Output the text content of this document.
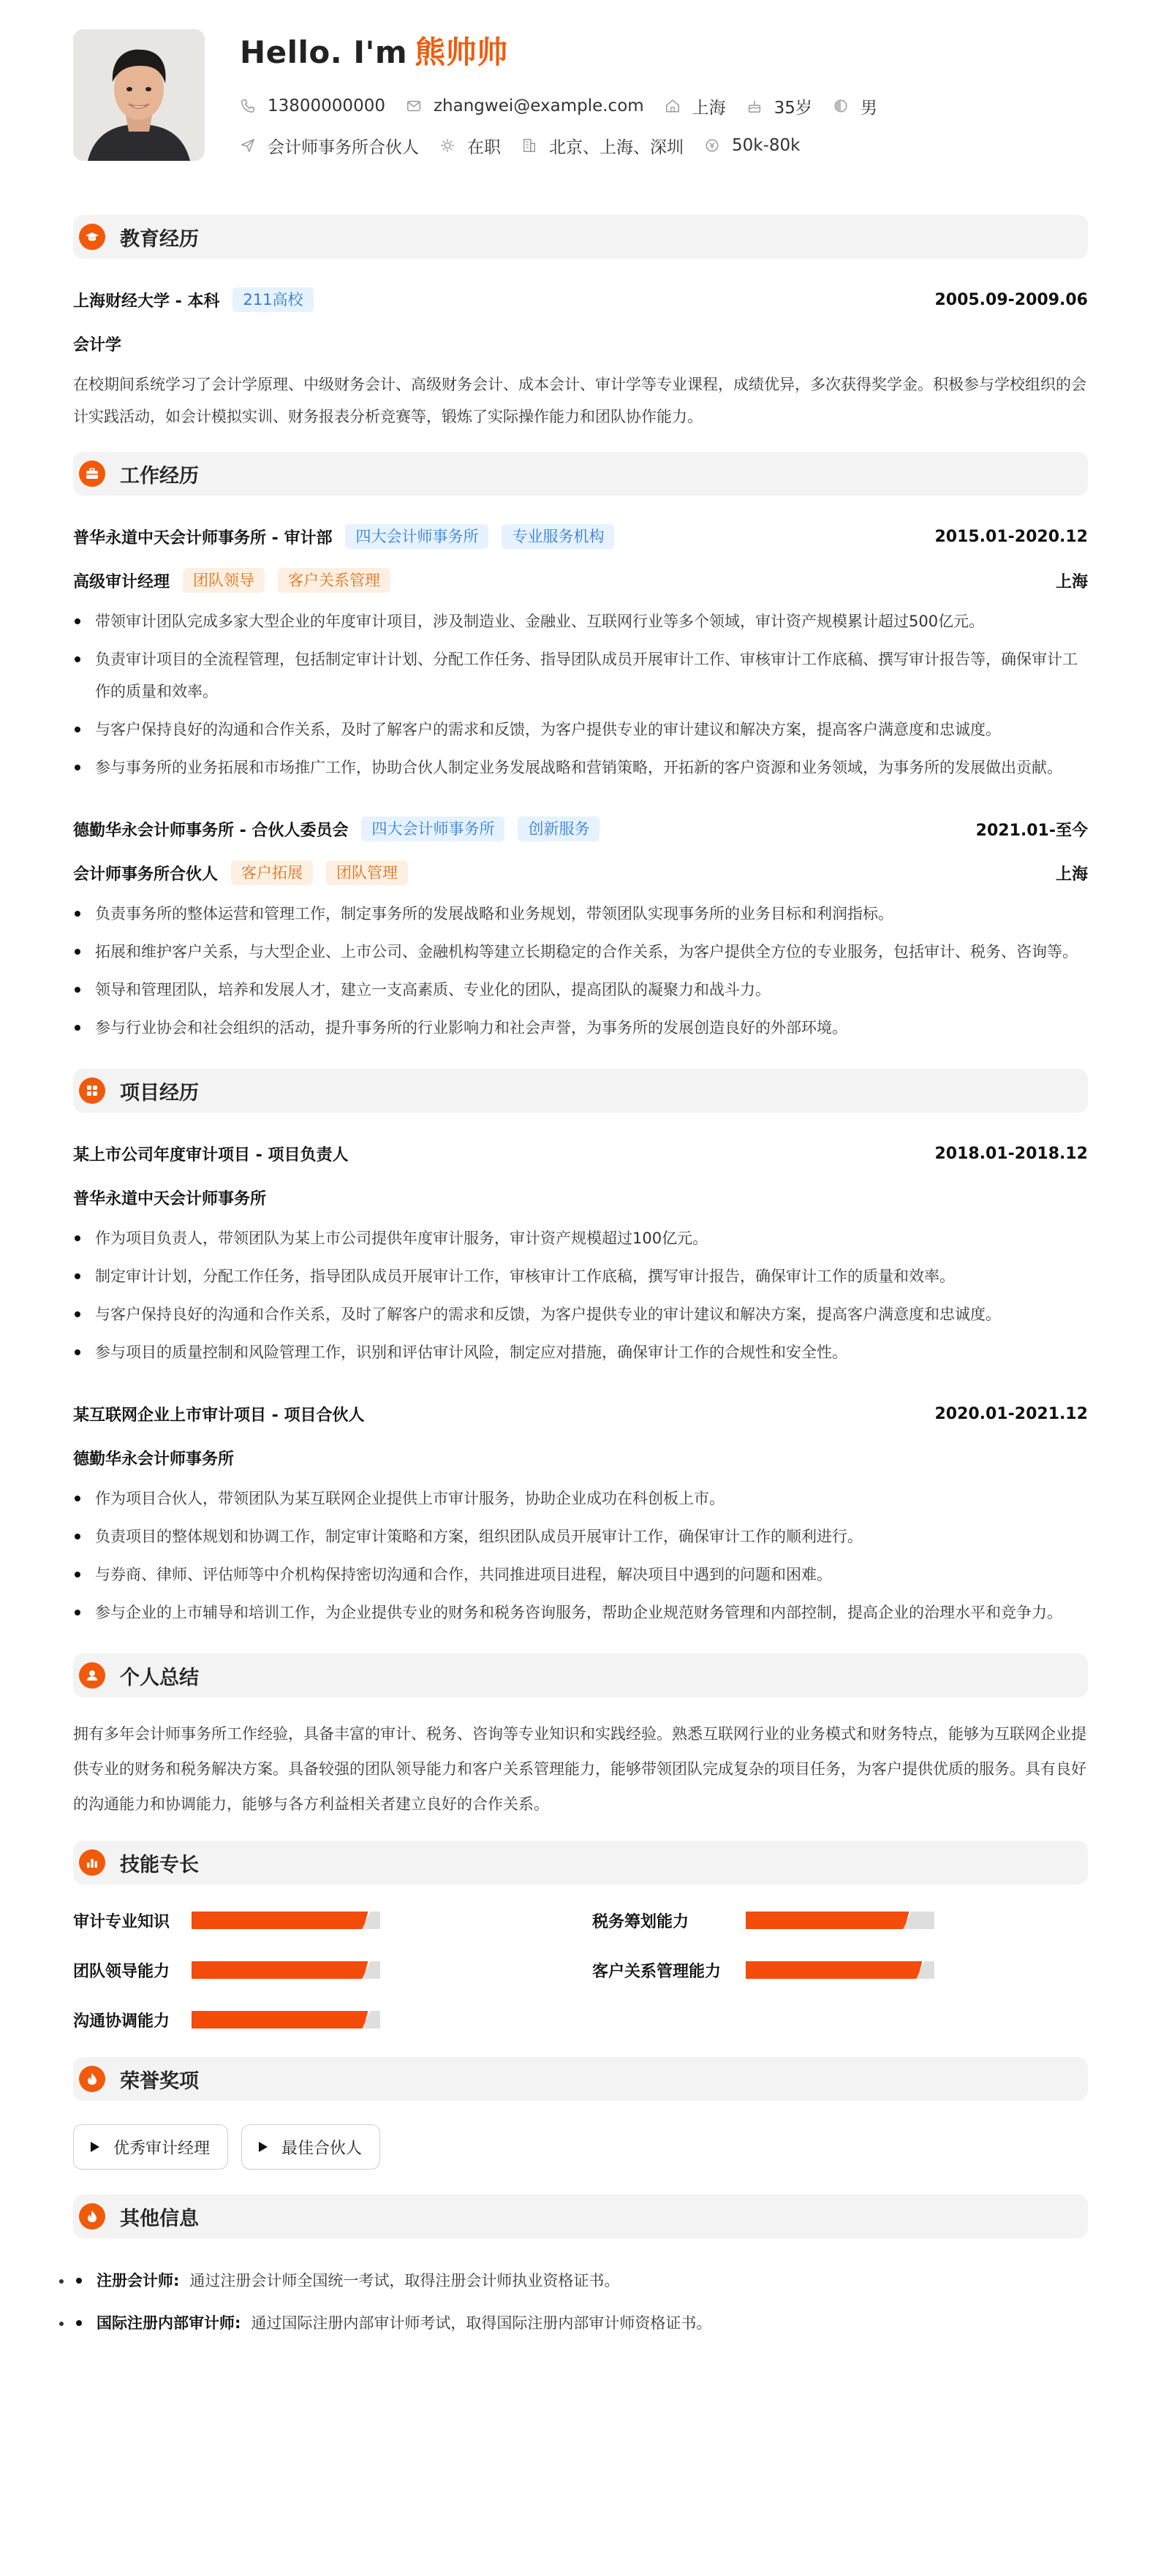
Hello. I'm 熊帅帅
13800000000	zhangwei@example.com	上海	35岁	男
会计师事务所合伙人	在职	北京、上海、深圳	50k-80k
教育经历
上海财经大学 - 本科	211高校	2005.09-2009.06
会计学

在校期间系统学习了会计学原理、中级财务会计、高级财务会计、成本会计、审计学等专业课程，成绩优异，多次获得奖学金。积极参与学校组织的会计实践活动，如会计模拟实训、财务报表分析竞赛等，锻炼了实际操作能力和团队协作能力。

工作经历
普华永道中天会计师事务所 - 审计部	四大会计师事务所	专业服务机构	2015.01-2020.12
高级审计经理	团队领导	客户关系管理	上海
带领审计团队完成多家大型企业的年度审计项目，涉及制造业、金融业、互联网行业等多个领域，审计资产规模累计超过500亿元。
负责审计项目的全流程管理，包括制定审计计划、分配工作任务、指导团队成员开展审计工作、审核审计工作底稿、撰写审计报告等，确保审计工作的质量和效率。
与客户保持良好的沟通和合作关系，及时了解客户的需求和反馈，为客户提供专业的审计建议和解决方案，提高客户满意度和忠诚度。
参与事务所的业务拓展和市场推广工作，协助合伙人制定业务发展战略和营销策略，开拓新的客户资源和业务领域，为事务所的发展做出贡献。
德勤华永会计师事务所 - 合伙人委员会	四大会计师事务所	创新服务	2021.01-至今
会计师事务所合伙人	客户拓展	团队管理	上海
负责事务所的整体运营和管理工作，制定事务所的发展战略和业务规划，带领团队实现事务所的业务目标和利润指标。
拓展和维护客户关系，与大型企业、上市公司、金融机构等建立长期稳定的合作关系，为客户提供全方位的专业服务，包括审计、税务、咨询等。
领导和管理团队，培养和发展人才，建立一支高素质、专业化的团队，提高团队的凝聚力和战斗力。
参与行业协会和社会组织的活动，提升事务所的行业影响力和社会声誉，为事务所的发展创造良好的外部环境。
项目经历
某上市公司年度审计项目 - 项目负责人	2018.01-2018.12
普华永道中天会计师事务所
作为项目负责人，带领团队为某上市公司提供年度审计服务，审计资产规模超过100亿元。
制定审计计划，分配工作任务，指导团队成员开展审计工作，审核审计工作底稿，撰写审计报告，确保审计工作的质量和效率。
与客户保持良好的沟通和合作关系，及时了解客户的需求和反馈，为客户提供专业的审计建议和解决方案，提高客户满意度和忠诚度。
参与项目的质量控制和风险管理工作，识别和评估审计风险，制定应对措施，确保审计工作的合规性和安全性。
某互联网企业上市审计项目 - 项目合伙人	2020.01-2021.12
德勤华永会计师事务所
作为项目合伙人，带领团队为某互联网企业提供上市审计服务，协助企业成功在科创板上市。
负责项目的整体规划和协调工作，制定审计策略和方案，组织团队成员开展审计工作，确保审计工作的顺利进行。
与券商、律师、评估师等中介机构保持密切沟通和合作，共同推进项目进程，解决项目中遇到的问题和困难。
参与企业的上市辅导和培训工作，为企业提供专业的财务和税务咨询服务，帮助企业规范财务管理和内部控制，提高企业的治理水平和竞争力。
个人总结

拥有多年会计师事务所工作经验，具备丰富的审计、税务、咨询等专业知识和实践经验。熟悉互联网行业的业务模式和财务特点，能够为互联网企业提供专业的财务和税务解决方案。具备较强的团队领导能力和客户关系管理能力，能够带领团队完成复杂的项目任务，为客户提供优质的服务。具有良好的沟通能力和协调能力，能够与各方利益相关者建立良好的合作关系。

技能专长
审计专业知识	税务筹划能力
团队领导能力	客户关系管理能力
沟通协调能力
荣誉奖项
优秀审计经理	最佳合伙人
其他信息
• 注册会计师: 通过注册会计师全国统一考试，取得注册会计师执业资格证书。
• 国际注册内部审计师: 通过国际注册内部审计师考试，取得国际注册内部审计师资格证书。
